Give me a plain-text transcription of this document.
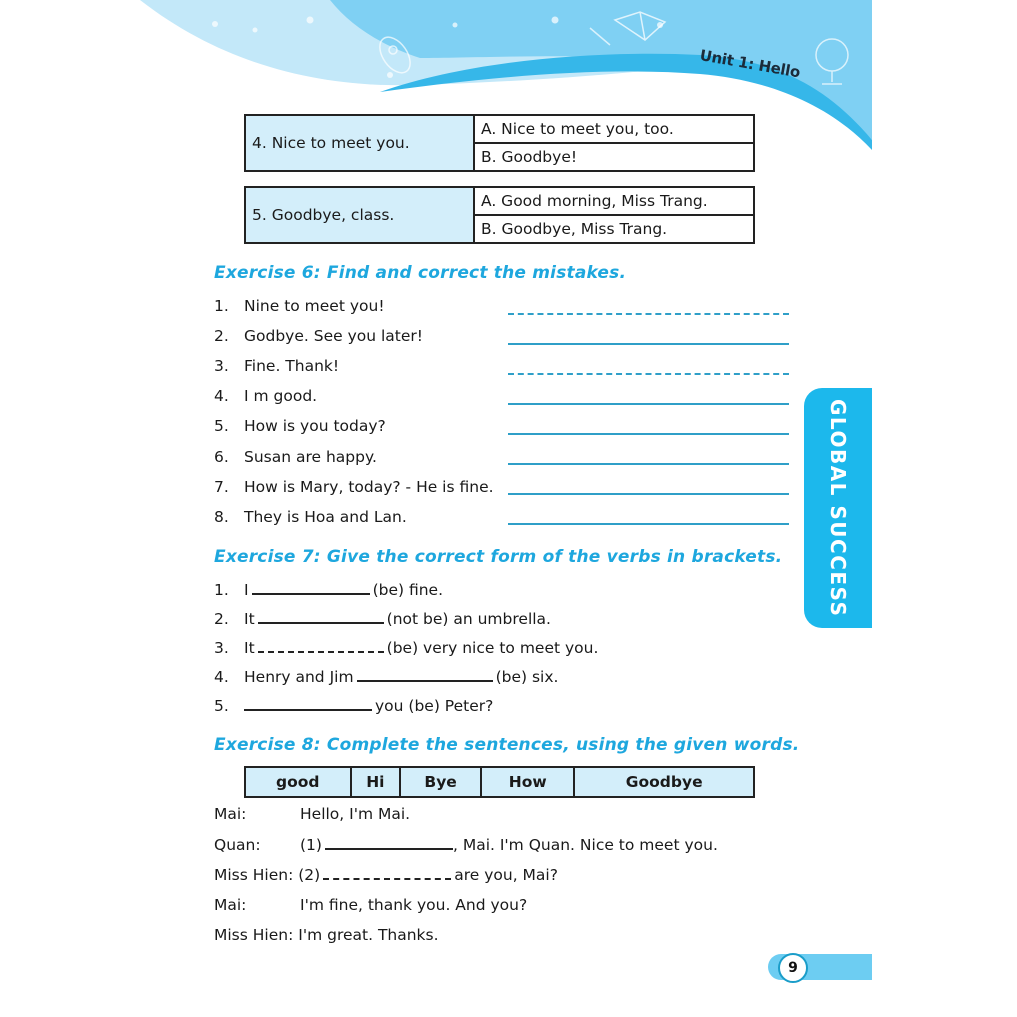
Unit 1: Hello
4. Nice to meet you.	A. Nice to meet you, too.
B. Goodbye!
5. Goodbye, class.	A. Good morning, Miss Trang.
B. Goodbye, Miss Trang.
Exercise 6: Find and correct the mistakes.
1. Nine to meet you!
2. Godbye. See you later!
3. Fine. Thank!
4. I m good.
5. How is you today?
6. Susan are happy.
7. How is Mary, today? - He is fine.
8. They is Hoa and Lan.
Exercise 7: Give the correct form of the verbs in brackets.
1. I	(be) fine.
2. It	(not be) an umbrella.
3. It	(be) very nice to meet you.
4. Henry and Jim	(be) six.
5.	you (be) Peter?
Exercise 8: Complete the sentences, using the given words.
good	Hi	Bye	How	Goodbye
Mai:	Hello, I'm Mai.
Quan:	(1)	, Mai. I'm Quan. Nice to meet you.
Miss Hien: (2)	are you, Mai?
Mai:	I'm fine, thank you. And you?
Miss Hien: I'm great. Thanks.
GLOBAL SUCCESS
9
